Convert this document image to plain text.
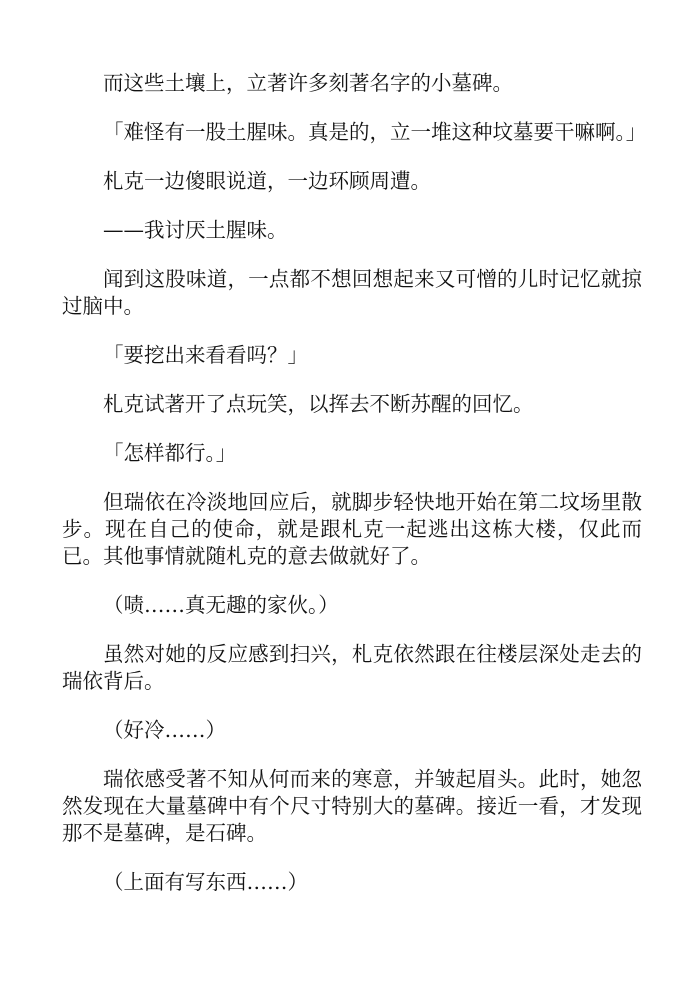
而这些土壤上，立著许多刻著名字的小墓碑。

「难怪有一股土腥味。真是的，立一堆这种坟墓要干嘛啊。」

札克一边傻眼说道，一边环顾周遭。

——我讨厌土腥味。

闻到这股味道，一点都不想回想起来又可憎的儿时记忆就掠过脑中。

「要挖出来看看吗？」

札克试著开了点玩笑，以挥去不断苏醒的回忆。

「怎样都行。」

但瑞依在冷淡地回应后，就脚步轻快地开始在第二坟场里散步。现在自己的使命，就是跟札克一起逃出这栋大楼，仅此而已。其他事情就随札克的意去做就好了。

（啧……真无趣的家伙。）

虽然对她的反应感到扫兴，札克依然跟在往楼层深处走去的瑞依背后。

（好冷……）

瑞依感受著不知从何而来的寒意，并皱起眉头。此时，她忽然发现在大量墓碑中有个尺寸特别大的墓碑。接近一看，才发现那不是墓碑，是石碑。

（上面有写东西……）
